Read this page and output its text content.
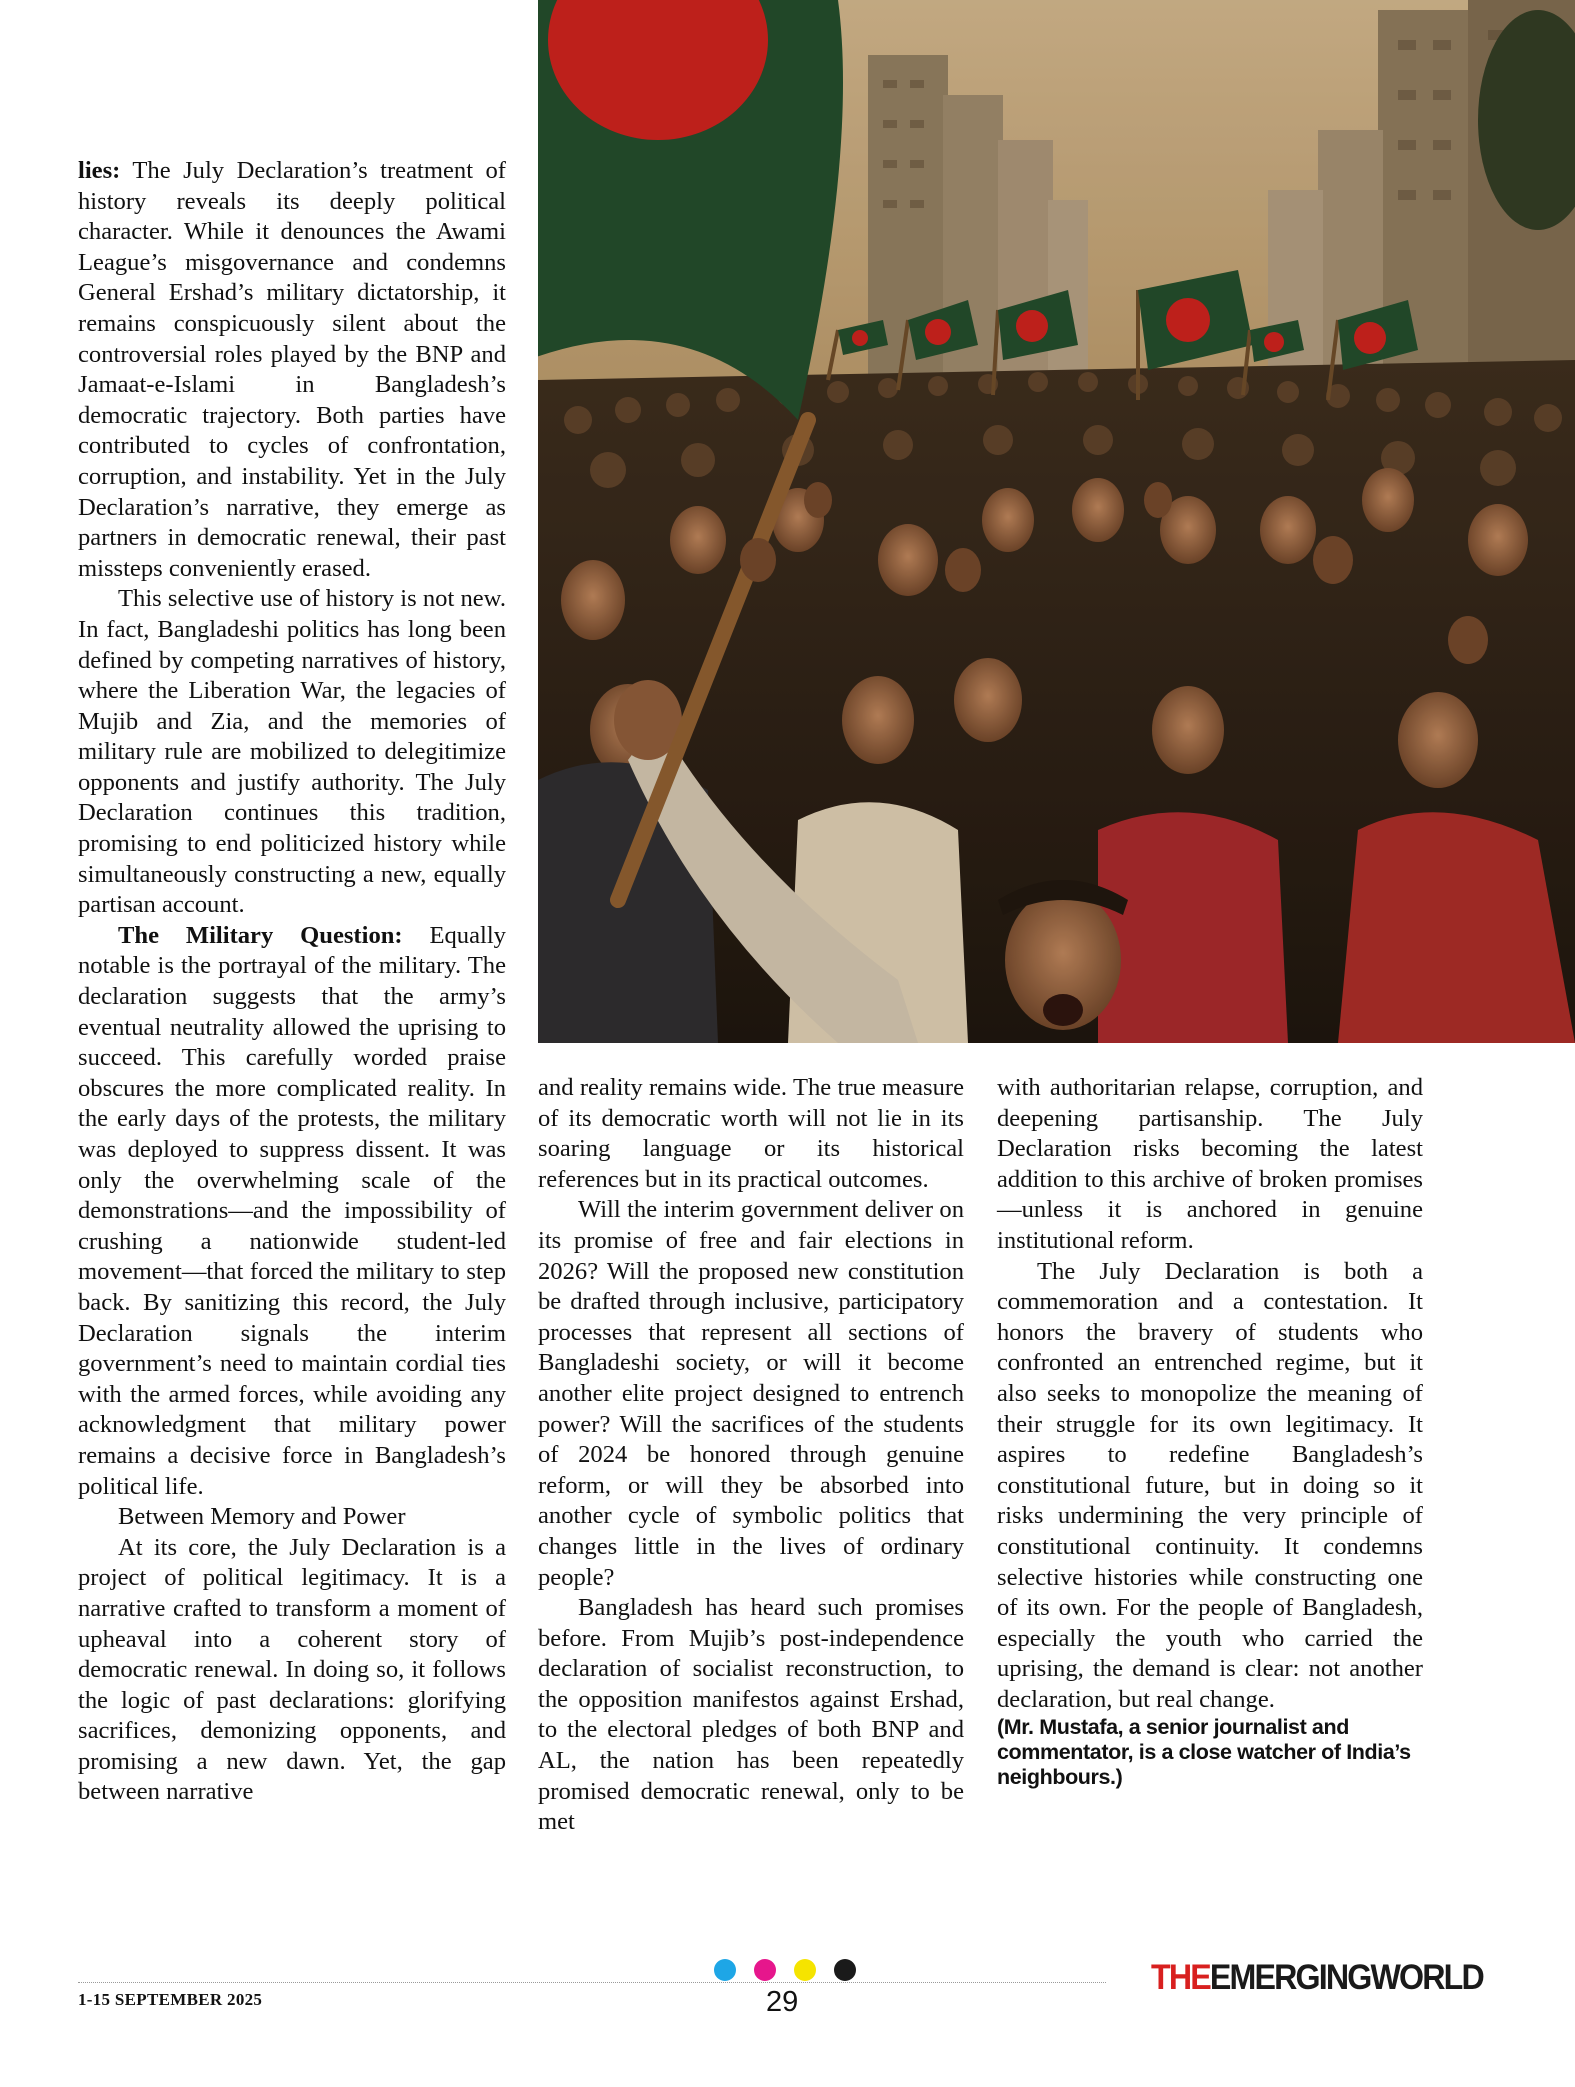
lies: The July Declaration’s treatment of history reveals its deeply political character. While it denounces the Awami League’s misgovernance and condemns General Ershad’s military dictatorship, it remains conspicuously silent about the controversial roles played by the BNP and Jamaat-e-Islami in Bangladesh’s democratic trajectory. Both parties have contributed to cycles of confrontation, corruption, and instability. Yet in the July Declaration’s narrative, they emerge as partners in democratic renewal, their past missteps conveniently erased.

This selective use of history is not new. In fact, Bangladeshi politics has long been defined by competing narratives of history, where the Liberation War, the legacies of Mujib and Zia, and the memories of military rule are mobilized to delegitimize opponents and justify authority. The July Declaration continues this tradition, promising to end politicized history while simultaneously constructing a new, equally partisan account.

The Military Question: Equally notable is the portrayal of the military. The declaration suggests that the army’s eventual neutrality allowed the uprising to succeed. This carefully worded praise obscures the more complicated reality. In the early days of the protests, the military was deployed to suppress dissent. It was only the overwhelming scale of the demonstrations—and the impossibility of crushing a nationwide student-led movement—that forced the military to step back. By sanitizing this record, the July Declaration signals the interim government’s need to maintain cordial ties with the armed forces, while avoiding any acknowledgment that military power remains a decisive force in Bangladesh’s political life.

Between Memory and Power

At its core, the July Declaration is a project of political legitimacy. It is a narrative crafted to transform a moment of upheaval into a coherent story of democratic renewal. In doing so, it follows the logic of past declarations: glorifying sacrifices, demonizing opponents, and promising a new dawn. Yet, the gap between narrative

and reality remains wide. The true measure of its democratic worth will not lie in its soaring language or its historical references but in its practical outcomes.

Will the interim government deliver on its promise of free and fair elections in 2026? Will the proposed new constitution be drafted through inclusive, participatory processes that represent all sections of Bangladeshi society, or will it become another elite project designed to entrench power? Will the sacrifices of the students of 2024 be honored through genuine reform, or will they be absorbed into another cycle of symbolic politics that changes little in the lives of ordinary people?

Bangladesh has heard such promises before. From Mujib’s post-independence declaration of socialist reconstruction, to the opposition manifestos against Ershad, to the electoral pledges of both BNP and AL, the nation has been repeatedly promised democratic renewal, only to be met

with authoritarian relapse, corruption, and deepening partisanship. The July Declaration risks becoming the latest addition to this archive of broken promises—unless it is anchored in genuine institutional reform.

The July Declaration is both a commemoration and a contestation. It honors the bravery of students who confronted an entrenched regime, but it also seeks to monopolize the meaning of their struggle for its own legitimacy. It aspires to redefine Bangladesh’s constitutional future, but in doing so it risks undermining the very principle of constitutional continuity. It condemns selective histories while constructing one of its own. For the people of Bangladesh, especially the youth who carried the uprising, the demand is clear: not another declaration, but real change.

(Mr. Mustafa, a senior journalist and commentator, is a close watcher of India’s neighbours.)

1-15 SEPTEMBER 2025	29
THEEMERGINGWORLD
